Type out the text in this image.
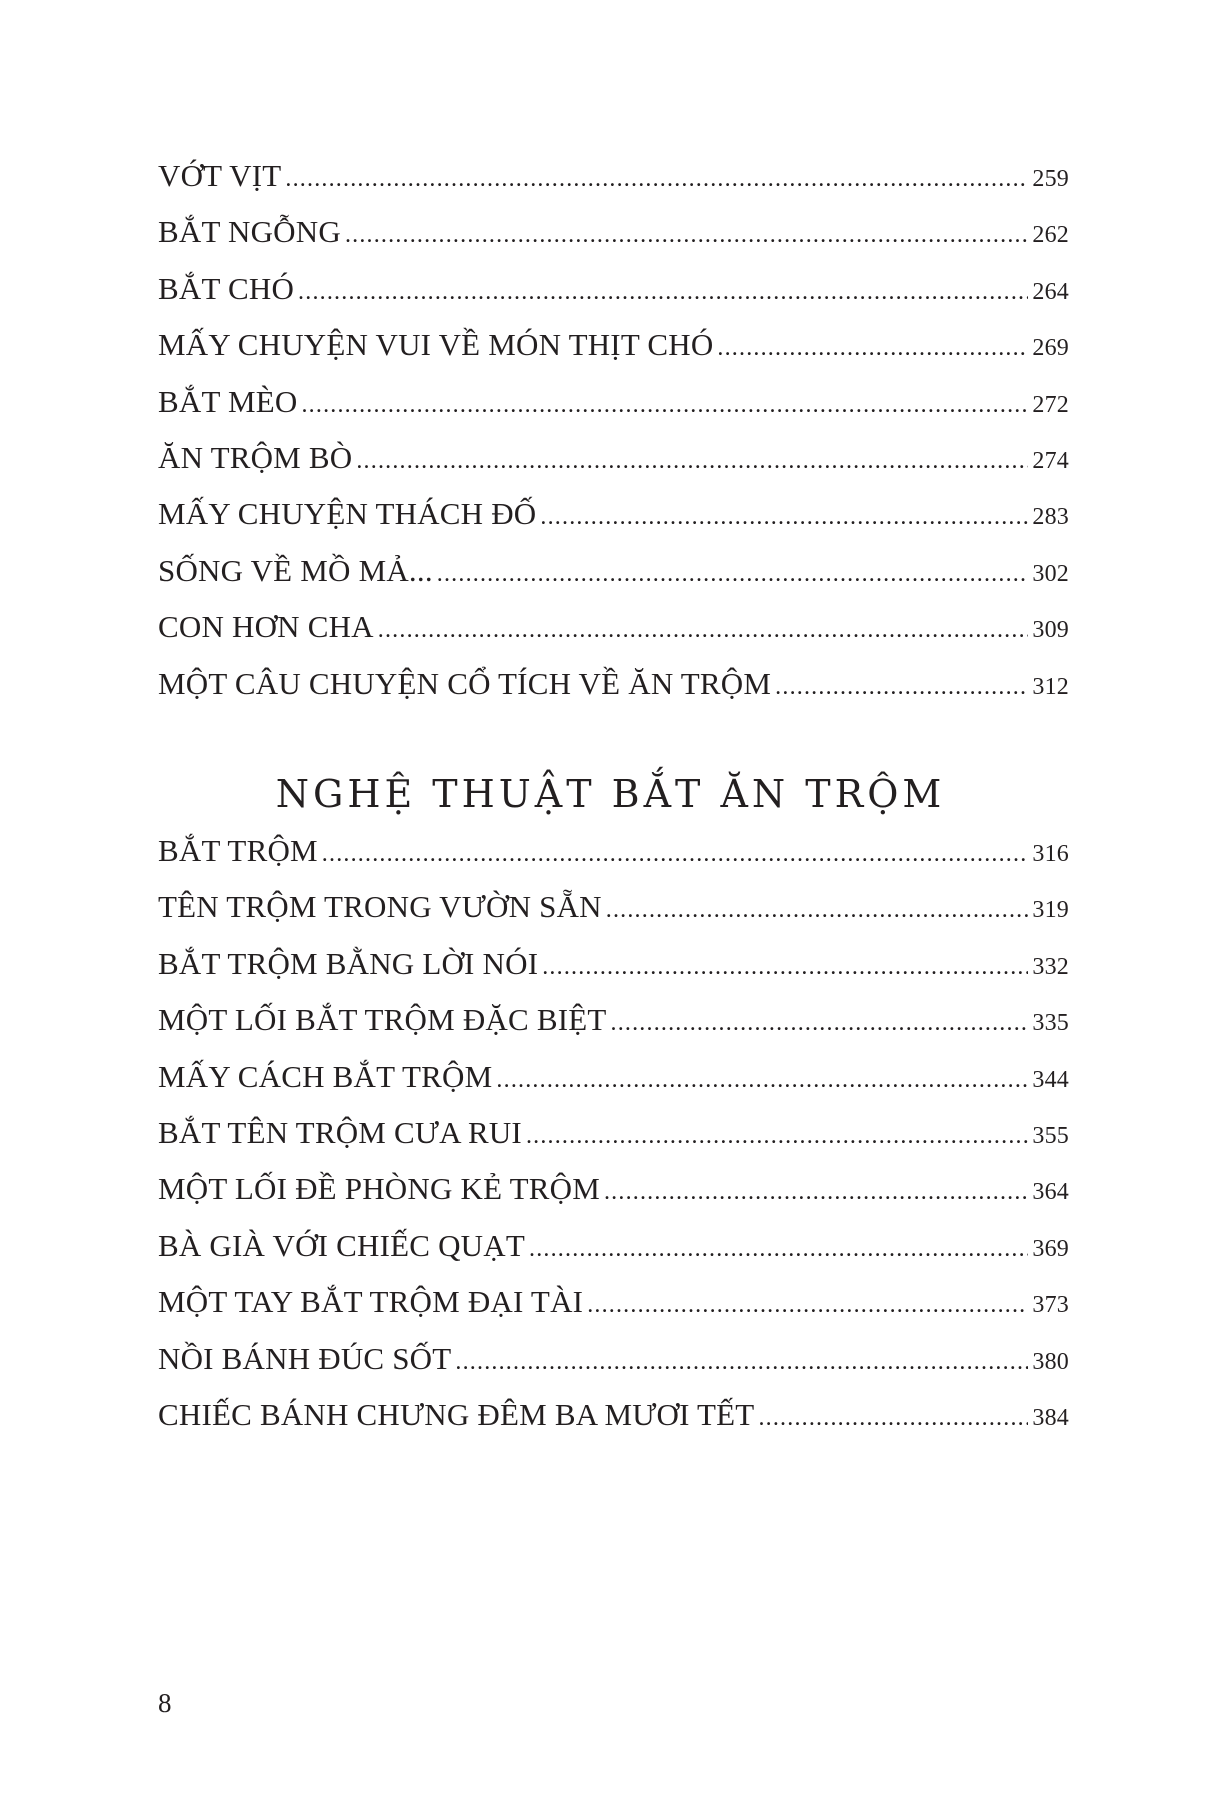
VỚT VỊT .....	259
BẮT NGỖNG .....	262
BẮT CHÓ .....	264
MẤY CHUYỆN VUI VỀ MÓN THỊT CHÓ .....	269
BẮT MÈO .....	272
ĂN TRỘM BÒ .....	274
MẤY CHUYỆN THÁCH ĐỐ .....	283
SỐNG VỀ MỒ MẢ... .....	302
CON HƠN CHA .....	309
MỘT CÂU CHUYỆN CỔ TÍCH VỀ ĂN TRỘM .....	312
NGHỆ THUẬT BẮT ĂN TRỘM
BẮT TRỘM .....	316
TÊN TRỘM TRONG VƯỜN SẴN .....	319
BẮT TRỘM BẰNG LỜI NÓI .....	332
MỘT LỐI BẮT TRỘM ĐẶC BIỆT .....	335
MẤY CÁCH BẮT TRỘM .....	344
BẮT TÊN TRỘM CƯA RUI .....	355
MỘT LỐI ĐỀ PHÒNG KẺ TRỘM .....	364
BÀ GIÀ VỚI CHIẾC QUẠT .....	369
MỘT TAY BẮT TRỘM ĐẠI TÀI .....	373
NỒI BÁNH ĐÚC SỐT .....	380
CHIẾC BÁNH CHƯNG ĐÊM BA MƯƠI TẾT .....	384
8
